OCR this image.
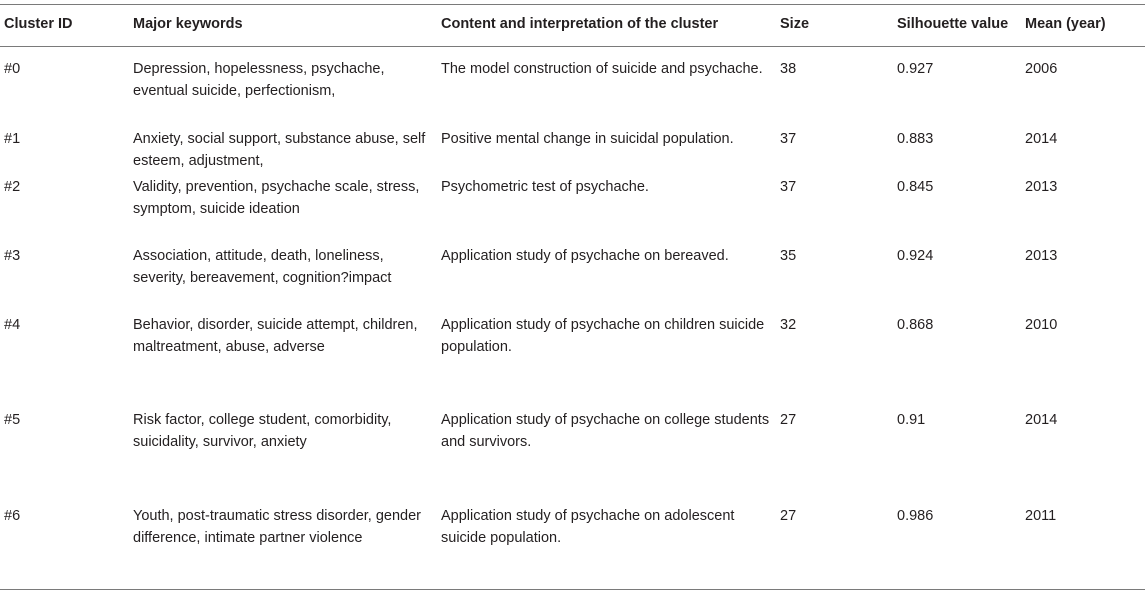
Cluster ID	Major keywords	Content and interpretation of the cluster	Size	Silhouette value	Mean (year)
#0	Depression, hopelessness, psychache, eventual suicide, perfectionism,	The model construction of suicide and psychache.	38	0.927	2006
#1	Anxiety, social support, substance abuse, self esteem, adjustment,	Positive mental change in suicidal population.	37	0.883	2014
#2	Validity, prevention, psychache scale, stress, symptom, suicide ideation	Psychometric test of psychache.	37	0.845	2013
#3	Association, attitude, death, loneliness, severity, bereavement, cognition?impact	Application study of psychache on bereaved.	35	0.924	2013
#4	Behavior, disorder, suicide attempt, children, maltreatment, abuse, adverse	Application study of psychache on children suicide population.	32	0.868	2010
#5	Risk factor, college student, comorbidity, suicidality, survivor, anxiety	Application study of psychache on college students and survivors.	27	0.91	2014
#6	Youth, post-traumatic stress disorder, gender difference, intimate partner violence	Application study of psychache on adolescent suicide population.	27	0.986	2011
